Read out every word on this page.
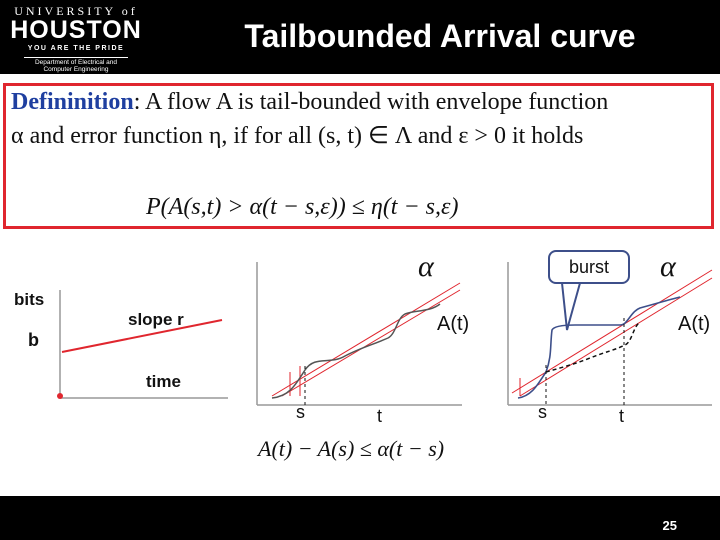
UNIVERSITY of
HOUSTON
YOU ARE THE PRIDE
Department of Electrical and
Computer Engineering
Tailbounded Arrival curve
Defininition: A flow A is tail-bounded with envelope function
α and error function η, if for all (s, t) ∈ Λ and ε > 0 it holds
P(A(s,t) > α(t − s,ε)) ≤ η(t − s,ε)
bits
b
slope r
time
α
A(t)
s	t
burst	α
A(t)
s	t
A(t) − A(s) ≤ α(t − s)
25
